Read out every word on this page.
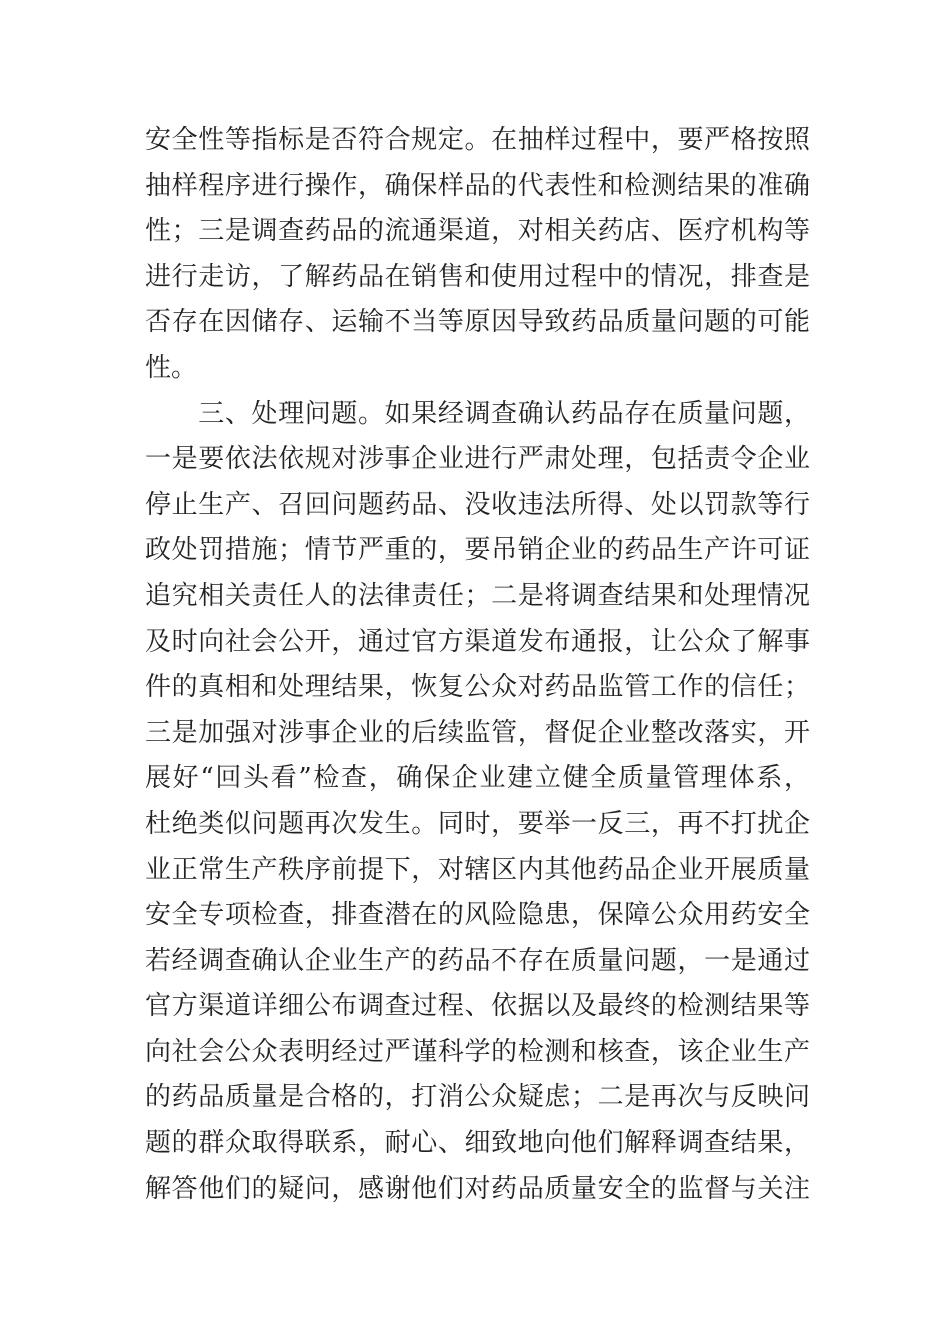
安全性等指标是否符合规定。在抽样过程中，要严格按照
抽样程序进行操作，确保样品的代表性和检测结果的准确
性；三是调查药品的流通渠道，对相关药店、医疗机构等
进行走访，了解药品在销售和使用过程中的情况，排查是
否存在因储存、运输不当等原因导致药品质量问题的可能
性。
　　三、处理问题。如果经调查确认药品存在质量问题，
一是要依法依规对涉事企业进行严肃处理，包括责令企业
停止生产、召回问题药品、没收违法所得、处以罚款等行
政处罚措施；情节严重的，要吊销企业的药品生产许可证
追究相关责任人的法律责任；二是将调查结果和处理情况
及时向社会公开，通过官方渠道发布通报，让公众了解事
件的真相和处理结果，恢复公众对药品监管工作的信任；
三是加强对涉事企业的后续监管，督促企业整改落实，开
展好“回头看”检查，确保企业建立健全质量管理体系，
杜绝类似问题再次发生。同时，要举一反三，再不打扰企
业正常生产秩序前提下，对辖区内其他药品企业开展质量
安全专项检查，排查潜在的风险隐患，保障公众用药安全
若经调查确认企业生产的药品不存在质量问题，一是通过
官方渠道详细公布调查过程、依据以及最终的检测结果等
向社会公众表明经过严谨科学的检测和核查，该企业生产
的药品质量是合格的，打消公众疑虑；二是再次与反映问
题的群众取得联系，耐心、细致地向他们解释调查结果，
解答他们的疑问，感谢他们对药品质量安全的监督与关注
